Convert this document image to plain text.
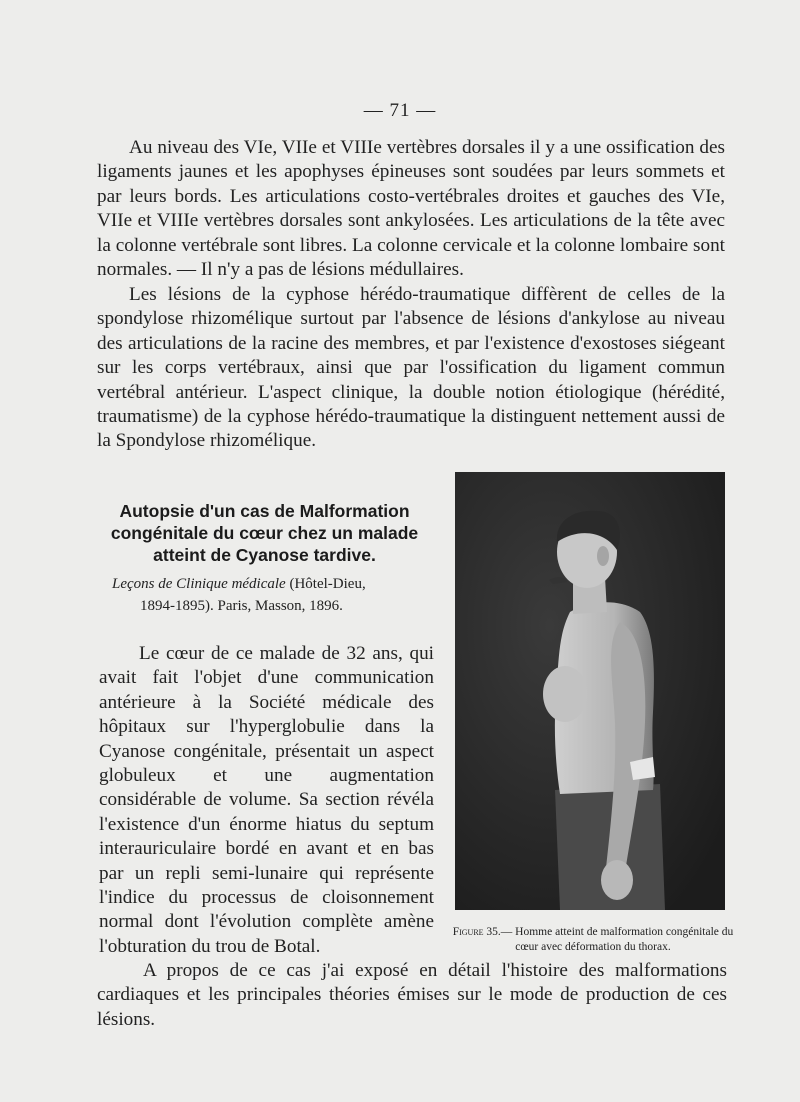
— 71 —

Au niveau des VIe, VIIe et VIIIe vertèbres dorsales il y a une ossification des ligaments jaunes et les apophyses épineuses sont soudées par leurs sommets et par leurs bords. Les articulations costo-vertébrales droites et gauches des VIe, VIIe et VIIIe vertèbres dorsales sont ankylosées. Les articulations de la tête avec la colonne vertébrale sont libres. La colonne cervicale et la colonne lombaire sont normales. — Il n'y a pas de lésions médullaires.

Les lésions de la cyphose hérédo-traumatique diffèrent de celles de la spondylose rhizomélique surtout par l'absence de lésions d'ankylose au niveau des articulations de la racine des membres, et par l'existence d'exostoses siégeant sur les corps vertébraux, ainsi que par l'ossification du ligament commun vertébral antérieur. L'aspect clinique, la double notion étiologique (hérédité, traumatisme) de la cyphose hérédo-traumatique la distinguent nettement aussi de la Spondylose rhizomélique.

Autopsie d'un cas de Malformation congénitale du cœur chez un malade atteint de Cyanose tardive.

Leçons de Clinique médicale (Hôtel-Dieu,
1894-1895). Paris, Masson, 1896.

Le cœur de ce malade de 32 ans, qui avait fait l'objet d'une communication antérieure à la Société médicale des hôpitaux sur l'hyperglobulie dans la Cyanose congénitale, présentait un aspect globuleux et une augmentation considérable de volume. Sa section révéla l'existence d'un énorme hiatus du septum interauriculaire bordé en avant et en bas par un repli semi-lunaire qui représente l'indice du processus de cloisonnement normal dont l'évolution complète amène l'obturation du trou de Botal.

Figure 35.— Homme atteint de malformation congénitale du cœur avec déformation du thorax.

A propos de ce cas j'ai exposé en détail l'histoire des malformations cardiaques et les principales théories émises sur le mode de production de ces lésions.
